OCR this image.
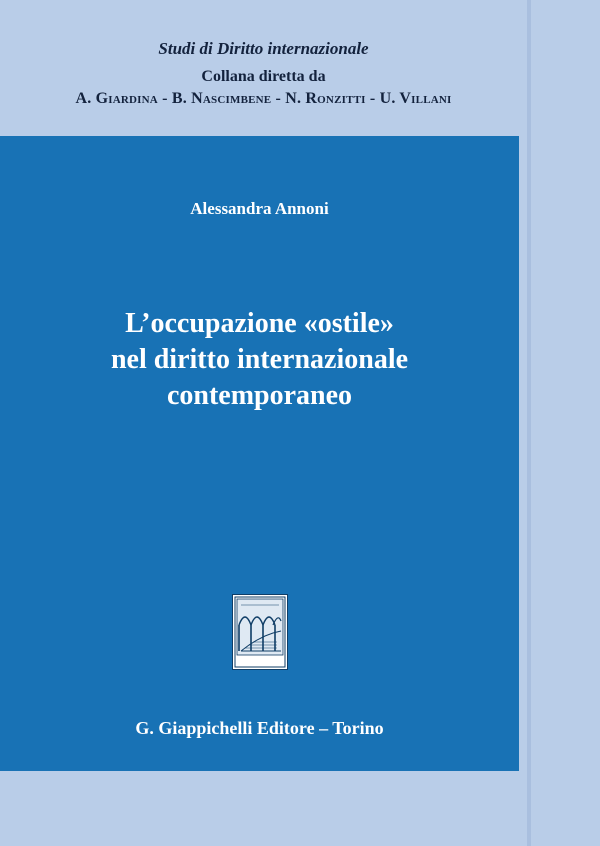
Studi di Diritto internazionale

Collana diretta da

A. Giardina - B. Nascimbene - N. Ronzitti - U. Villani

Alessandra Annoni

L’occupazione «ostile»
nel diritto internazionale
contemporaneo

G. Giappichelli Editore – Torino
